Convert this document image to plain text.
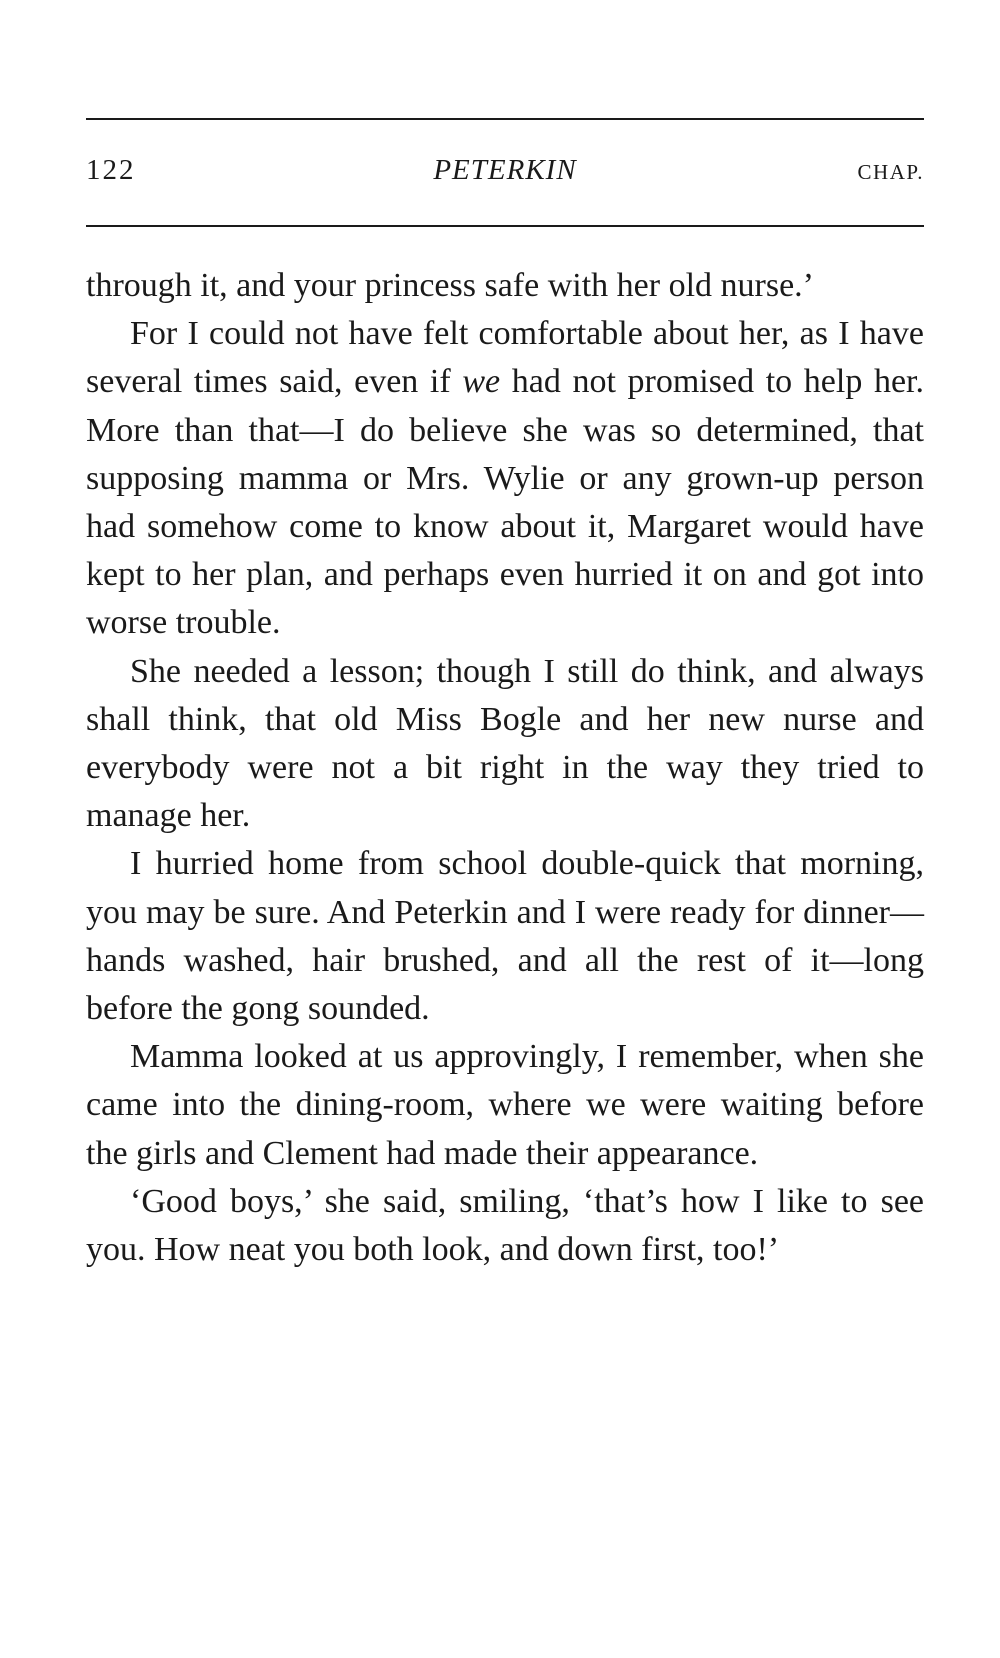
122	PETERKIN	CHAP.

through it, and your princess safe with her old nurse.’

For I could not have felt comfortable about her, as I have several times said, even if we had not promised to help her. More than that—I do believe she was so determined, that supposing mamma or Mrs. Wylie or any grown-up person had somehow come to know about it, Margaret would have kept to her plan, and perhaps even hurried it on and got into worse trouble.

She needed a lesson; though I still do think, and always shall think, that old Miss Bogle and her new nurse and everybody were not a bit right in the way they tried to manage her.

I hurried home from school double-quick that morning, you may be sure. And Peterkin and I were ready for dinner—hands washed, hair brushed, and all the rest of it—long before the gong sounded.

Mamma looked at us approvingly, I remember, when she came into the dining-room, where we were waiting before the girls and Clement had made their appearance.

‘Good boys,’ she said, smiling, ‘that’s how I like to see you. How neat you both look, and down first, too!’
